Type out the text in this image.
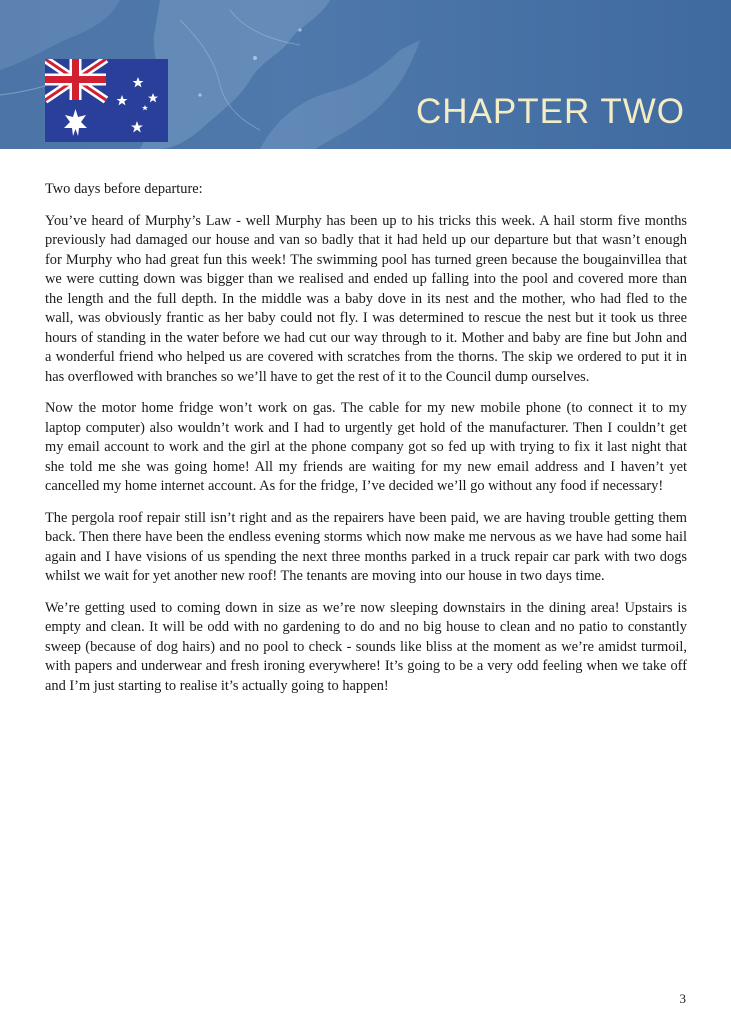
CHAPTER TWO

Two days before departure:

You’ve heard of Murphy’s Law - well Murphy has been up to his tricks this week. A hail storm five months previously had damaged our house and van so badly that it had held up our departure but that wasn’t enough for Murphy who had great fun this week! The swimming pool has turned green because the bougainvillea that we were cutting down was bigger than we realised and ended up falling into the pool and covered more than the length and the full depth. In the middle was a baby dove in its nest and the mother, who had fled to the wall, was obviously frantic as her baby could not fly. I was determined to rescue the nest but it took us three hours of standing in the water before we had cut our way through to it. Mother and baby are fine but John and a wonderful friend who helped us are covered with scratches from the thorns. The skip we ordered to put it in has overflowed with branches so we’ll have to get the rest of it to the Council dump ourselves.

Now the motor home fridge won’t work on gas. The cable for my new mobile phone (to connect it to my laptop computer) also wouldn’t work and I had to urgently get hold of the manufacturer. Then I couldn’t get my email account to work and the girl at the phone company got so fed up with trying to fix it last night that she told me she was going home! All my friends are waiting for my new email address and I haven’t yet cancelled my home internet account. As for the fridge, I’ve decided we’ll go without any food if necessary!

The pergola roof repair still isn’t right and as the repairers have been paid, we are having trouble getting them back. Then there have been the endless evening storms which now make me nervous as we have had some hail again and I have visions of us spending the next three months parked in a truck repair car park with two dogs whilst we wait for yet another new roof! The tenants are moving into our house in two days time.

We’re getting used to coming down in size as we’re now sleeping downstairs in the dining area! Upstairs is empty and clean. It will be odd with no gardening to do and no big house to clean and no patio to constantly sweep (because of dog hairs) and no pool to check - sounds like bliss at the moment as we’re amidst turmoil, with papers and underwear and fresh ironing everywhere! It’s going to be a very odd feeling when we take off and I’m just starting to realise it’s actually going to happen!

3
